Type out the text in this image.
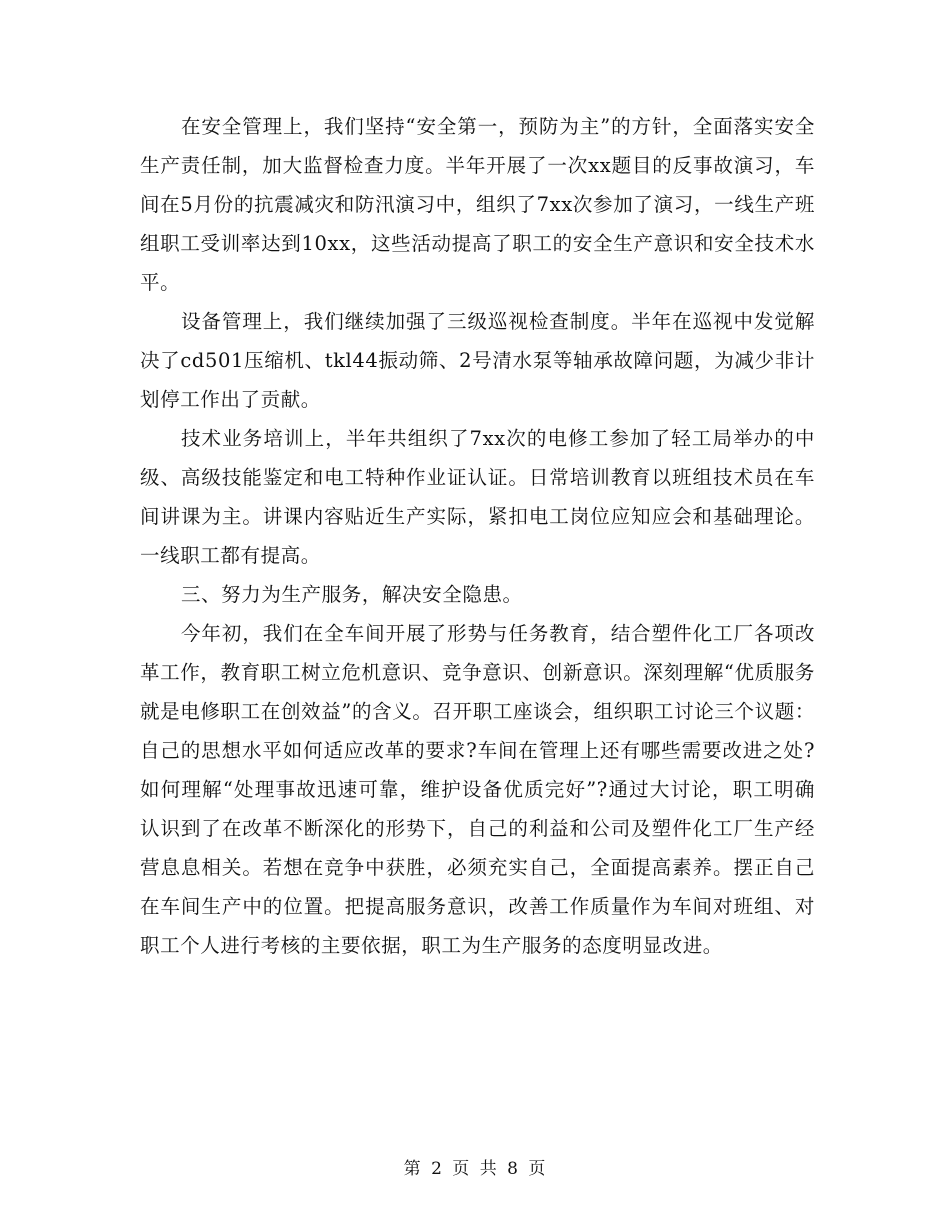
在安全管理上，我们坚持“安全第一，预防为主”的方针，全面落实安全生产责任制，加大监督检查力度。半年开展了一次xx题目的反事故演习，车间在5月份的抗震减灾和防汛演习中，组织了7xx次参加了演习，一线生产班组职工受训率达到10xx，这些活动提高了职工的安全生产意识和安全技术水平。

设备管理上，我们继续加强了三级巡视检查制度。半年在巡视中发觉解决了cd501压缩机、tkl44振动筛、2号清水泵等轴承故障问题，为减少非计划停工作出了贡献。

技术业务培训上，半年共组织了7xx次的电修工参加了轻工局举办的中级、高级技能鉴定和电工特种作业证认证。日常培训教育以班组技术员在车间讲课为主。讲课内容贴近生产实际，紧扣电工岗位应知应会和基础理论。一线职工都有提高。

三、努力为生产服务，解决安全隐患。

今年初，我们在全车间开展了形势与任务教育，结合塑件化工厂各项改革工作，教育职工树立危机意识、竞争意识、创新意识。深刻理解“优质服务就是电修职工在创效益”的含义。召开职工座谈会，组织职工讨论三个议题：自己的思想水平如何适应改革的要求?车间在管理上还有哪些需要改进之处?如何理解“处理事故迅速可靠，维护设备优质完好”?通过大讨论，职工明确认识到了在改革不断深化的形势下，自己的利益和公司及塑件化工厂生产经营息息相关。若想在竞争中获胜，必须充实自己，全面提高素养。摆正自己在车间生产中的位置。把提高服务意识，改善工作质量作为车间对班组、对职工个人进行考核的主要依据，职工为生产服务的态度明显改进。

第 2 页 共 8 页
